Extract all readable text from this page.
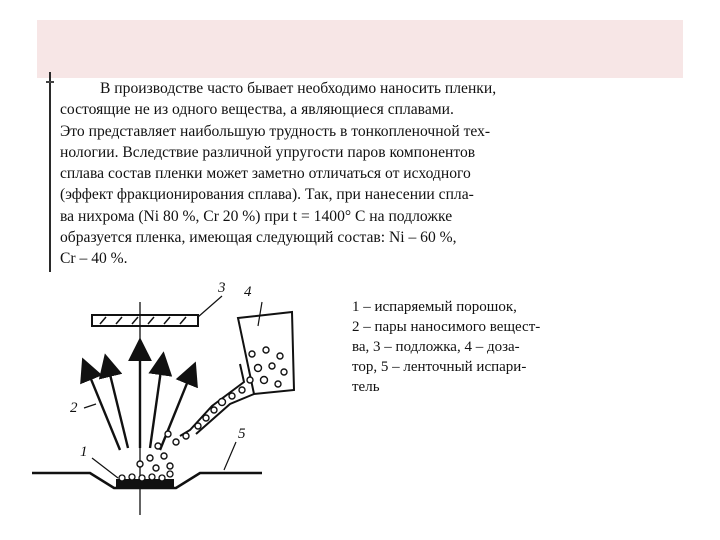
В производстве часто бывает необходимо наносить пленки,
состоящие не из одного вещества, а являющиеся сплавами.
Это представляет наибольшую трудность в тонкопленочной тех-
нологии. Вследствие различной упругости паров компонентов
сплава состав пленки может заметно отличаться от исходного
(эффект фракционирования сплава). Так, при нанесении спла-
ва нихрома (Ni 80 %, Cr 20 %) при t = 1400° С на подложке
образуется пленка, имеющая следующий состав: Ni – 60 %,
Cr – 40 %.

3
2
4
1
5

1 – испаряемый порошок,
2 – пары наносимого вещест-
ва, 3 – подложка, 4 – доза-
тор, 5 – ленточный испари-
тель
